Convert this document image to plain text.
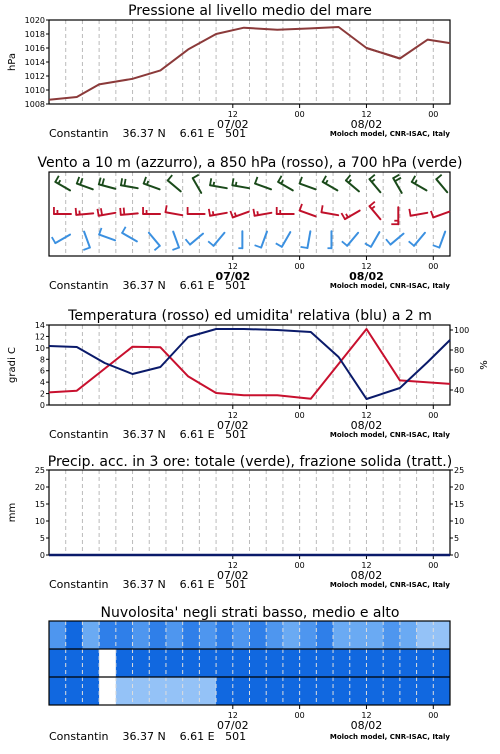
Pressione al livello medio del mare
12	00	12	00
07/02	08/02
Constantin    36.37 N    6.61 E   501	Moloch model, CNR-ISAC, Italy
1008
1010
1012
1014
1016
1018
1020
hPa
Vento a 10 m (azzurro), a 850 hPa (rosso), a 700 hPa (verde)
12	00	12	00
07/02	08/02
Constantin    36.37 N    6.61 E   501	Moloch model, CNR-ISAC, Italy
Temperatura (rosso) ed umidita' relativa (blu) a 2 m
12	00	12	00
07/02	08/02
Constantin    36.37 N    6.61 E   501	Moloch model, CNR-ISAC, Italy
0
2
4
6
8
10
12
14
40
60
80
100
gradi C	%
Precip. acc. in 3 ore: totale (verde), frazione solida (tratt.)
12	00	12	00
07/02	08/02
Constantin    36.37 N    6.61 E   501	Moloch model, CNR-ISAC, Italy
0
5
10
15
20
25
0
5
10
15
20
25
mm
Nuvolosita' negli strati basso, medio e alto
12	00	12	00
07/02	08/02
Constantin    36.37 N    6.61 E   501	Moloch model, CNR-ISAC, Italy
